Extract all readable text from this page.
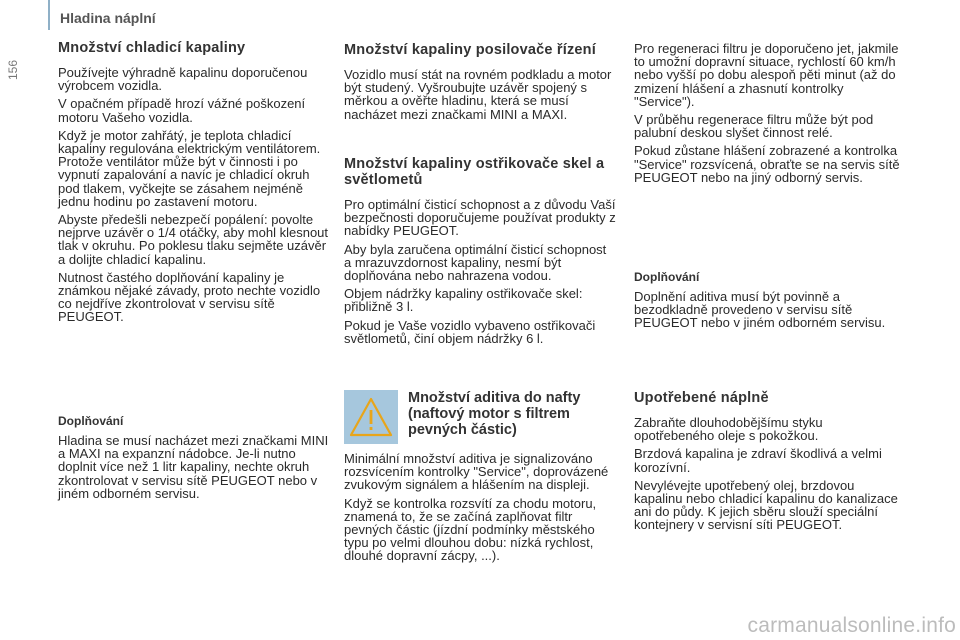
Hladina náplní
156
Množství chladicí kapaliny

Používejte výhradně kapalinu doporučenou výrobcem vozidla.

V opačném případě hrozí vážné poškození motoru Vašeho vozidla.

Když je motor zahřátý, je teplota chladicí kapaliny regulována elektrickým ventilátorem. Protože ventilátor může být v činnosti i po vypnutí zapalování a navíc je chladicí okruh pod tlakem, vyčkejte se zásahem nejméně jednu hodinu po zastavení motoru.

Abyste předešli nebezpečí popálení: povolte nejprve uzávěr o 1/4 otáčky, aby mohl klesnout tlak v okruhu. Po poklesu tlaku sejměte uzávěr a dolijte chladicí kapalinu.

Nutnost častého doplňování kapaliny je známkou nějaké závady, proto nechte vozidlo co nejdříve zkontrolovat v servisu sítě PEUGEOT.

Doplňování

Hladina se musí nacházet mezi značkami MINI a MAXI na expanzní nádobce. Je-li nutno doplnit více než 1 litr kapaliny, nechte okruh zkontrolovat v servisu sítě PEUGEOT nebo v jiném odborném servisu.

Množství kapaliny posilovače řízení

Vozidlo musí stát na rovném podkladu a motor být studený. Vyšroubujte uzávěr spojený s měrkou a ověřte hladinu, která se musí nacházet mezi značkami MINI a MAXI.

Množství kapaliny ostřikovače skel a světlometů

Pro optimální čisticí schopnost a z důvodu Vaší bezpečnosti doporučujeme používat produkty z nabídky PEUGEOT.

Aby byla zaručena optimální čisticí schopnost a mrazuvzdornost kapaliny, nesmí být doplňována nebo nahrazena vodou.

Objem nádržky kapaliny ostřikovače skel: přibližně 3 l.

Pokud je Vaše vozidlo vybaveno ostřikovači světlometů, činí objem nádržky 6 l.

Množství aditiva do nafty (naftový motor s filtrem pevných částic)

Minimální množství aditiva je signalizováno rozsvícením kontrolky "Service", doprovázené zvukovým signálem a hlášením na displeji.

Když se kontrolka rozsvítí za chodu motoru, znamená to, že se začíná zaplňovat filtr pevných částic (jízdní podmínky městského typu po velmi dlouhou dobu: nízká rychlost, dlouhé dopravní zácpy, ...).

Pro regeneraci filtru je doporučeno jet, jakmile to umožní dopravní situace, rychlostí 60 km/h nebo vyšší po dobu alespoň pěti minut (až do zmizení hlášení a zhasnutí kontrolky "Service").

V průběhu regenerace filtru může být pod palubní deskou slyšet činnost relé.

Pokud zůstane hlášení zobrazené a kontrolka "Service" rozsvícená, obraťte se na servis sítě PEUGEOT nebo na jiný odborný servis.

Doplňování

Doplnění aditiva musí být povinně a bezodkladně provedeno v servisu sítě PEUGEOT nebo v jiném odborném servisu.

Upotřebené náplně

Zabraňte dlouhodobějšímu styku opotřebeného oleje s pokožkou.

Brzdová kapalina je zdraví škodlivá a velmi korozívní.

Nevylévejte upotřebený olej, brzdovou kapalinu nebo chladicí kapalinu do kanalizace ani do půdy. K jejich sběru slouží speciální kontejnery v servisní síti PEUGEOT.

carmanualsonline.info
